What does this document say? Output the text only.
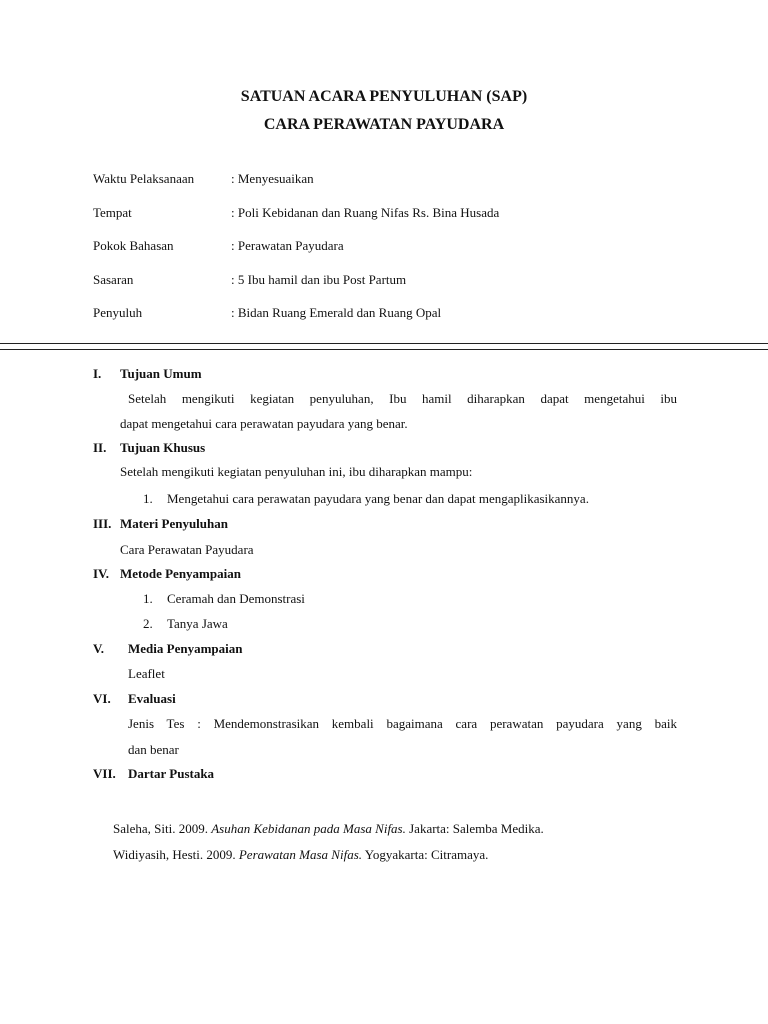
SATUAN ACARA PENYULUHAN (SAP)
CARA PERAWATAN PAYUDARA
Waktu Pelaksanaan	: Menyesuaikan
Tempat	: Poli Kebidanan dan Ruang Nifas Rs. Bina Husada
Pokok Bahasan	: Perawatan Payudara
Sasaran	: 5 Ibu hamil dan ibu Post Partum
Penyuluh	: Bidan Ruang Emerald dan Ruang Opal
I. Tujuan Umum
Setelah mengikuti kegiatan penyuluhan, Ibu hamil diharapkan dapat mengetahui ibu
dapat mengetahui cara perawatan payudara yang benar.
II. Tujuan Khusus
Setelah mengikuti kegiatan penyuluhan ini, ibu diharapkan mampu:
1. Mengetahui cara perawatan payudara yang benar dan dapat mengaplikasikannya.
III. Materi Penyuluhan
Cara Perawatan Payudara
IV. Metode Penyampaian
1. Ceramah dan Demonstrasi
2. Tanya Jawa
V. Media Penyampaian
Leaflet
VI. Evaluasi
Jenis Tes : Mendemonstrasikan kembali bagaimana cara perawatan payudara yang baik
dan benar
VII. Dartar Pustaka
Saleha, Siti. 2009. Asuhan Kebidanan pada Masa Nifas. Jakarta: Salemba Medika.
Widiyasih, Hesti. 2009. Perawatan Masa Nifas. Yogyakarta: Citramaya.
